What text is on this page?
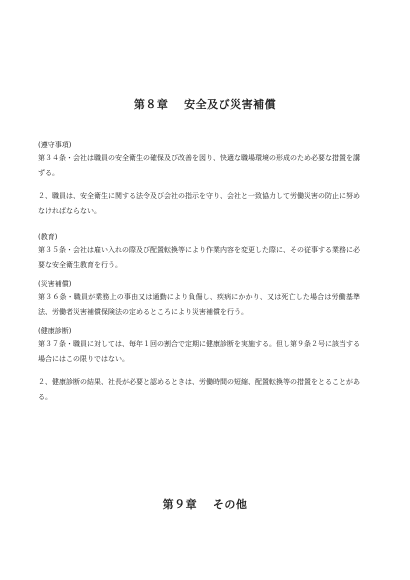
第８章　 安全及び災害補償
(遵守事項)
第３４条・会社は職員の安全衛生の確保及び改善を図り、快適な職場環境の形成のため必要な措置を講ずる。
２、職員は、安全衛生に関する法令及び会社の指示を守り、会社と一致協力して労働災害の防止に努めなければならない。
(教育)
第３５条・会社は雇い入れの際及び配置転換等により作業内容を変更した際に、その従事する業務に必要な安全衛生教育を行う。
(災害補償)
第３６条・職員が業務上の事由又は通勤により負傷し、疾病にかかり、又は死亡した場合は労働基準法、労働者災害補償保険法の定めるところにより災害補償を行う。
(健康診断)
第３７条・職員に対しては、毎年１回の割合で定期に健康診断を実施する。但し第９条２号に該当する場合にはこの限りではない。
２、健康診断の結果、社長が必要と認めるときは、労働時間の短縮、配置転換等の措置をとることがある。
第９章　 その他
